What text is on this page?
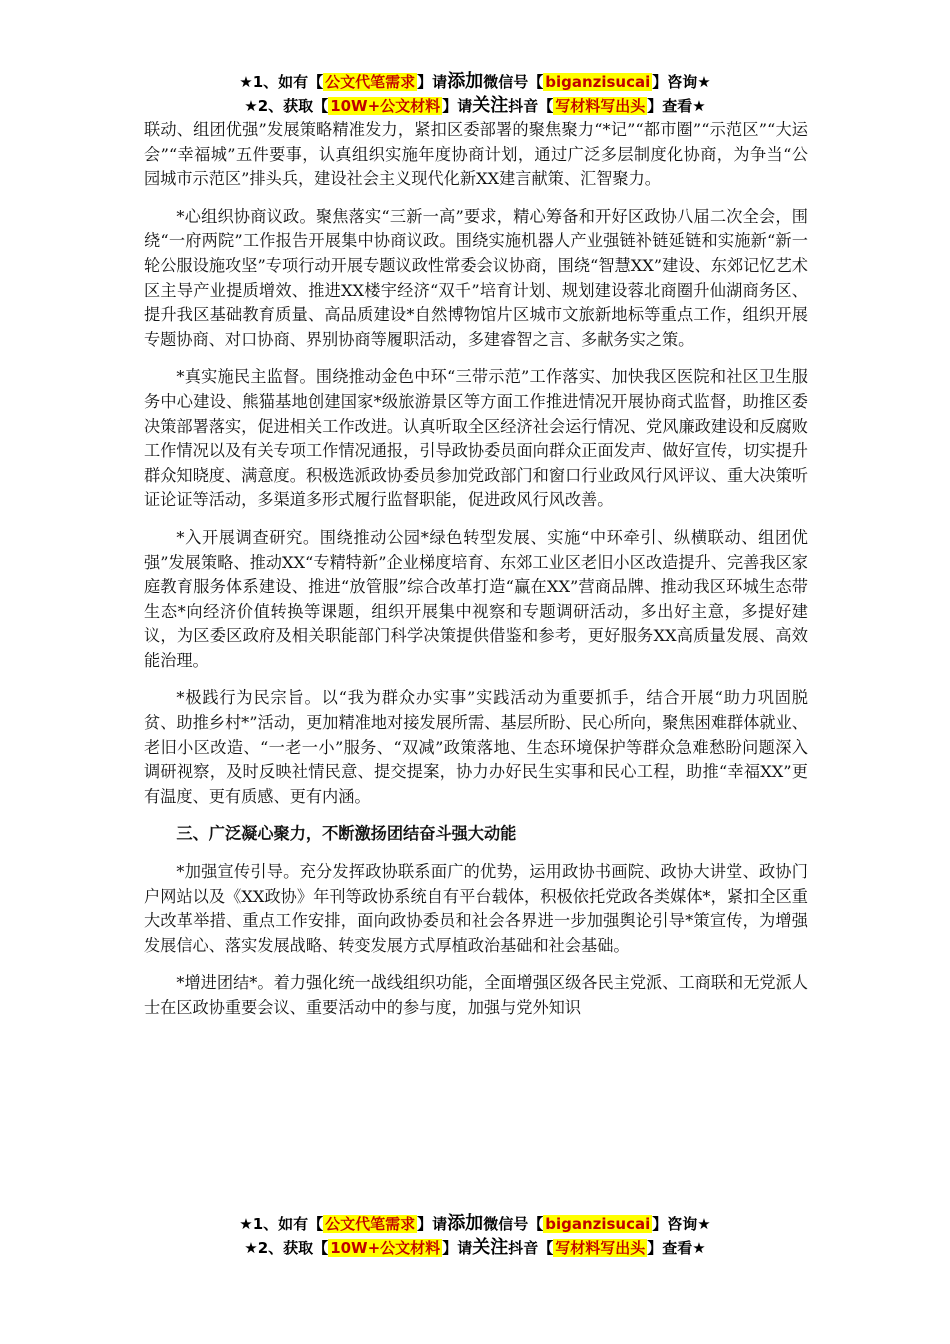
★1、如有【 公文代笔需求 】请添加微信号【 biganzisucai 】咨询★
★2、获取【 10W+公文材料 】请关注抖音【 写材料写出头 】查看★

联动、组团优强”发展策略精准发力，紧扣区委部署的聚焦聚力“*记”“都市圈”“示范区”“大运会”“幸福城”五件要事，认真组织实施年度协商计划，通过广泛多层制度化协商，为争当“公园城市示范区”排头兵，建设社会主义现代化新XX建言献策、汇智聚力。

*心组织协商议政。聚焦落实“三新一高”要求，精心筹备和开好区政协八届二次全会，围绕“一府两院”工作报告开展集中协商议政。围绕实施机器人产业强链补链延链和实施新“新一轮公服设施攻坚”专项行动开展专题议政性常委会议协商，围绕“智慧XX”建设、东郊记忆艺术区主导产业提质增效、推进XX楼宇经济“双千”培育计划、规划建设蓉北商圈升仙湖商务区、提升我区基础教育质量、高品质建设*自然博物馆片区城市文旅新地标等重点工作，组织开展专题协商、对口协商、界别协商等履职活动，多建睿智之言、多献务实之策。

*真实施民主监督。围绕推动金色中环“三带示范”工作落实、加快我区医院和社区卫生服务中心建设、熊猫基地创建国家*级旅游景区等方面工作推进情况开展协商式监督，助推区委决策部署落实，促进相关工作改进。认真听取全区经济社会运行情况、党风廉政建设和反腐败工作情况以及有关专项工作情况通报，引导政协委员面向群众正面发声、做好宣传，切实提升群众知晓度、满意度。积极选派政协委员参加党政部门和窗口行业政风行风评议、重大决策听证论证等活动，多渠道多形式履行监督职能，促进政风行风改善。

*入开展调查研究。围绕推动公园*绿色转型发展、实施“中环牵引、纵横联动、组团优强”发展策略、推动XX“专精特新”企业梯度培育、东郊工业区老旧小区改造提升、完善我区家庭教育服务体系建设、推进“放管服”综合改革打造“赢在XX”营商品牌、推动我区环城生态带生态*向经济价值转换等课题，组织开展集中视察和专题调研活动，多出好主意，多提好建议，为区委区政府及相关职能部门科学决策提供借鉴和参考，更好服务XX高质量发展、高效能治理。

*极践行为民宗旨。以“我为群众办实事”实践活动为重要抓手，结合开展“助力巩固脱贫、助推乡村*”活动，更加精准地对接发展所需、基层所盼、民心所向，聚焦困难群体就业、老旧小区改造、“一老一小”服务、“双减”政策落地、生态环境保护等群众急难愁盼问题深入调研视察，及时反映社情民意、提交提案，协力办好民生实事和民心工程，助推“幸福XX”更有温度、更有质感、更有内涵。

三、广泛凝心聚力，不断激扬团结奋斗强大动能

*加强宣传引导。充分发挥政协联系面广的优势，运用政协书画院、政协大讲堂、政协门户网站以及《XX政协》年刊等政协系统自有平台载体，积极依托党政各类媒体*，紧扣全区重大改革举措、重点工作安排，面向政协委员和社会各界进一步加强舆论引导*策宣传，为增强发展信心、落实发展战略、转变发展方式厚植政治基础和社会基础。

*增进团结*。着力强化统一战线组织功能，全面增强区级各民主党派、工商联和无党派人士在区政协重要会议、重要活动中的参与度，加强与党外知识

★1、如有【 公文代笔需求 】请添加微信号【 biganzisucai 】咨询★
★2、获取【 10W+公文材料 】请关注抖音【 写材料写出头 】查看★
